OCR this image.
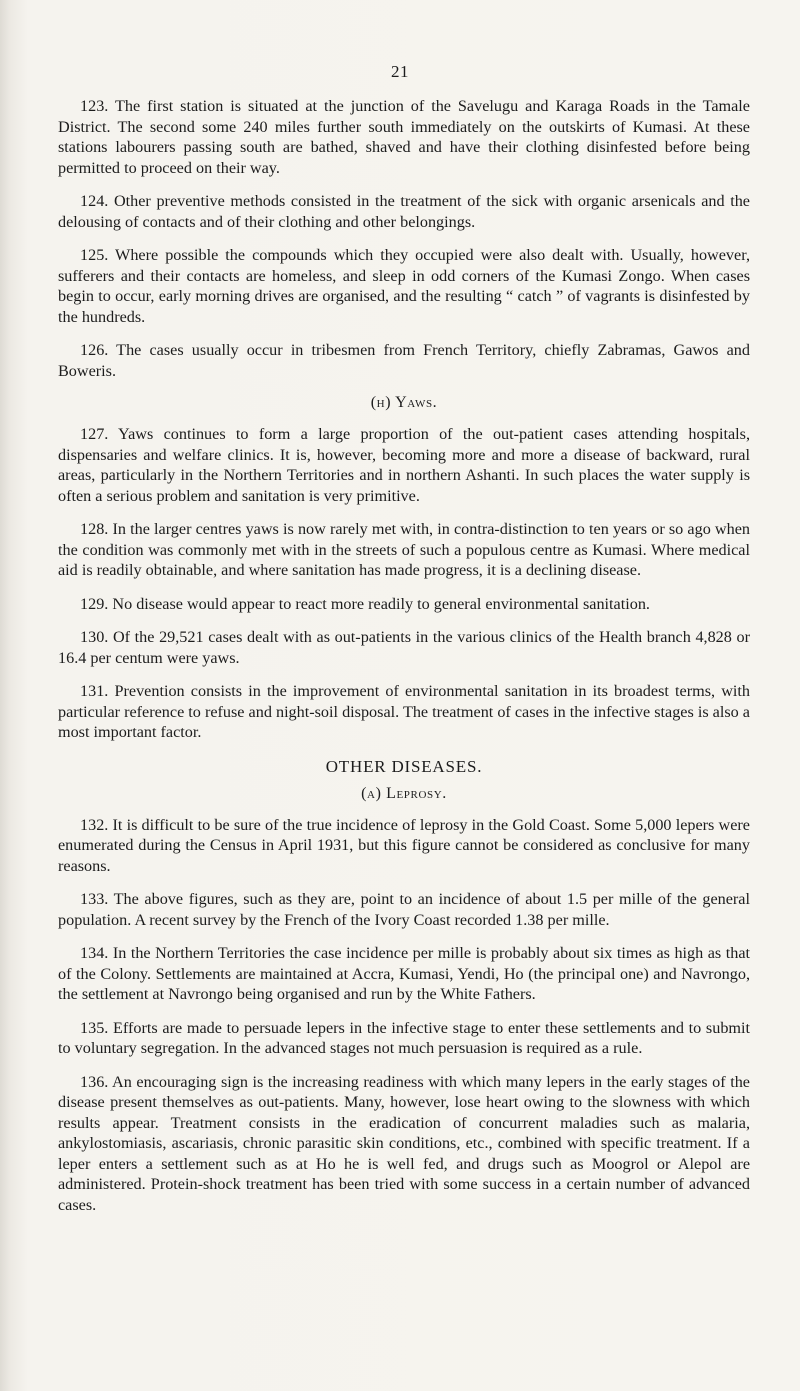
21

123. The first station is situated at the junction of the Savelugu and Karaga Roads in the Tamale District. The second some 240 miles further south immediately on the outskirts of Kumasi. At these stations labourers passing south are bathed, shaved and have their clothing disinfested before being permitted to proceed on their way.

124. Other preventive methods consisted in the treatment of the sick with organic arsenicals and the delousing of contacts and of their clothing and other belongings.

125. Where possible the compounds which they occupied were also dealt with. Usually, however, sufferers and their contacts are homeless, and sleep in odd corners of the Kumasi Zongo. When cases begin to occur, early morning drives are organised, and the resulting “ catch ” of vagrants is disinfested by the hundreds.

126. The cases usually occur in tribesmen from French Territory, chiefly Zabramas, Gawos and Boweris.

(h) Yaws.

127. Yaws continues to form a large proportion of the out-patient cases attending hospitals, dispensaries and welfare clinics. It is, however, becoming more and more a disease of backward, rural areas, particularly in the Northern Territories and in northern Ashanti. In such places the water supply is often a serious problem and sanitation is very primitive.

128. In the larger centres yaws is now rarely met with, in contra-distinction to ten years or so ago when the condition was commonly met with in the streets of such a populous centre as Kumasi. Where medical aid is readily obtainable, and where sanitation has made progress, it is a declining disease.

129. No disease would appear to react more readily to general environmental sanitation.

130. Of the 29,521 cases dealt with as out-patients in the various clinics of the Health branch 4,828 or 16.4 per centum were yaws.

131. Prevention consists in the improvement of environmental sanitation in its broadest terms, with particular reference to refuse and night-soil disposal. The treatment of cases in the infective stages is also a most important factor.

OTHER DISEASES.
(a) Leprosy.

132. It is difficult to be sure of the true incidence of leprosy in the Gold Coast. Some 5,000 lepers were enumerated during the Census in April 1931, but this figure cannot be considered as conclusive for many reasons.

133. The above figures, such as they are, point to an incidence of about 1.5 per mille of the general population. A recent survey by the French of the Ivory Coast recorded 1.38 per mille.

134. In the Northern Territories the case incidence per mille is probably about six times as high as that of the Colony. Settlements are maintained at Accra, Kumasi, Yendi, Ho (the principal one) and Navrongo, the settlement at Navrongo being organised and run by the White Fathers.

135. Efforts are made to persuade lepers in the infective stage to enter these settlements and to submit to voluntary segregation. In the advanced stages not much persuasion is required as a rule.

136. An encouraging sign is the increasing readiness with which many lepers in the early stages of the disease present themselves as out-patients. Many, however, lose heart owing to the slowness with which results appear. Treatment consists in the eradication of concurrent maladies such as malaria, ankylostomiasis, ascariasis, chronic parasitic skin conditions, etc., combined with specific treatment. If a leper enters a settlement such as at Ho he is well fed, and drugs such as Moogrol or Alepol are administered. Protein-shock treatment has been tried with some success in a certain number of advanced cases.
